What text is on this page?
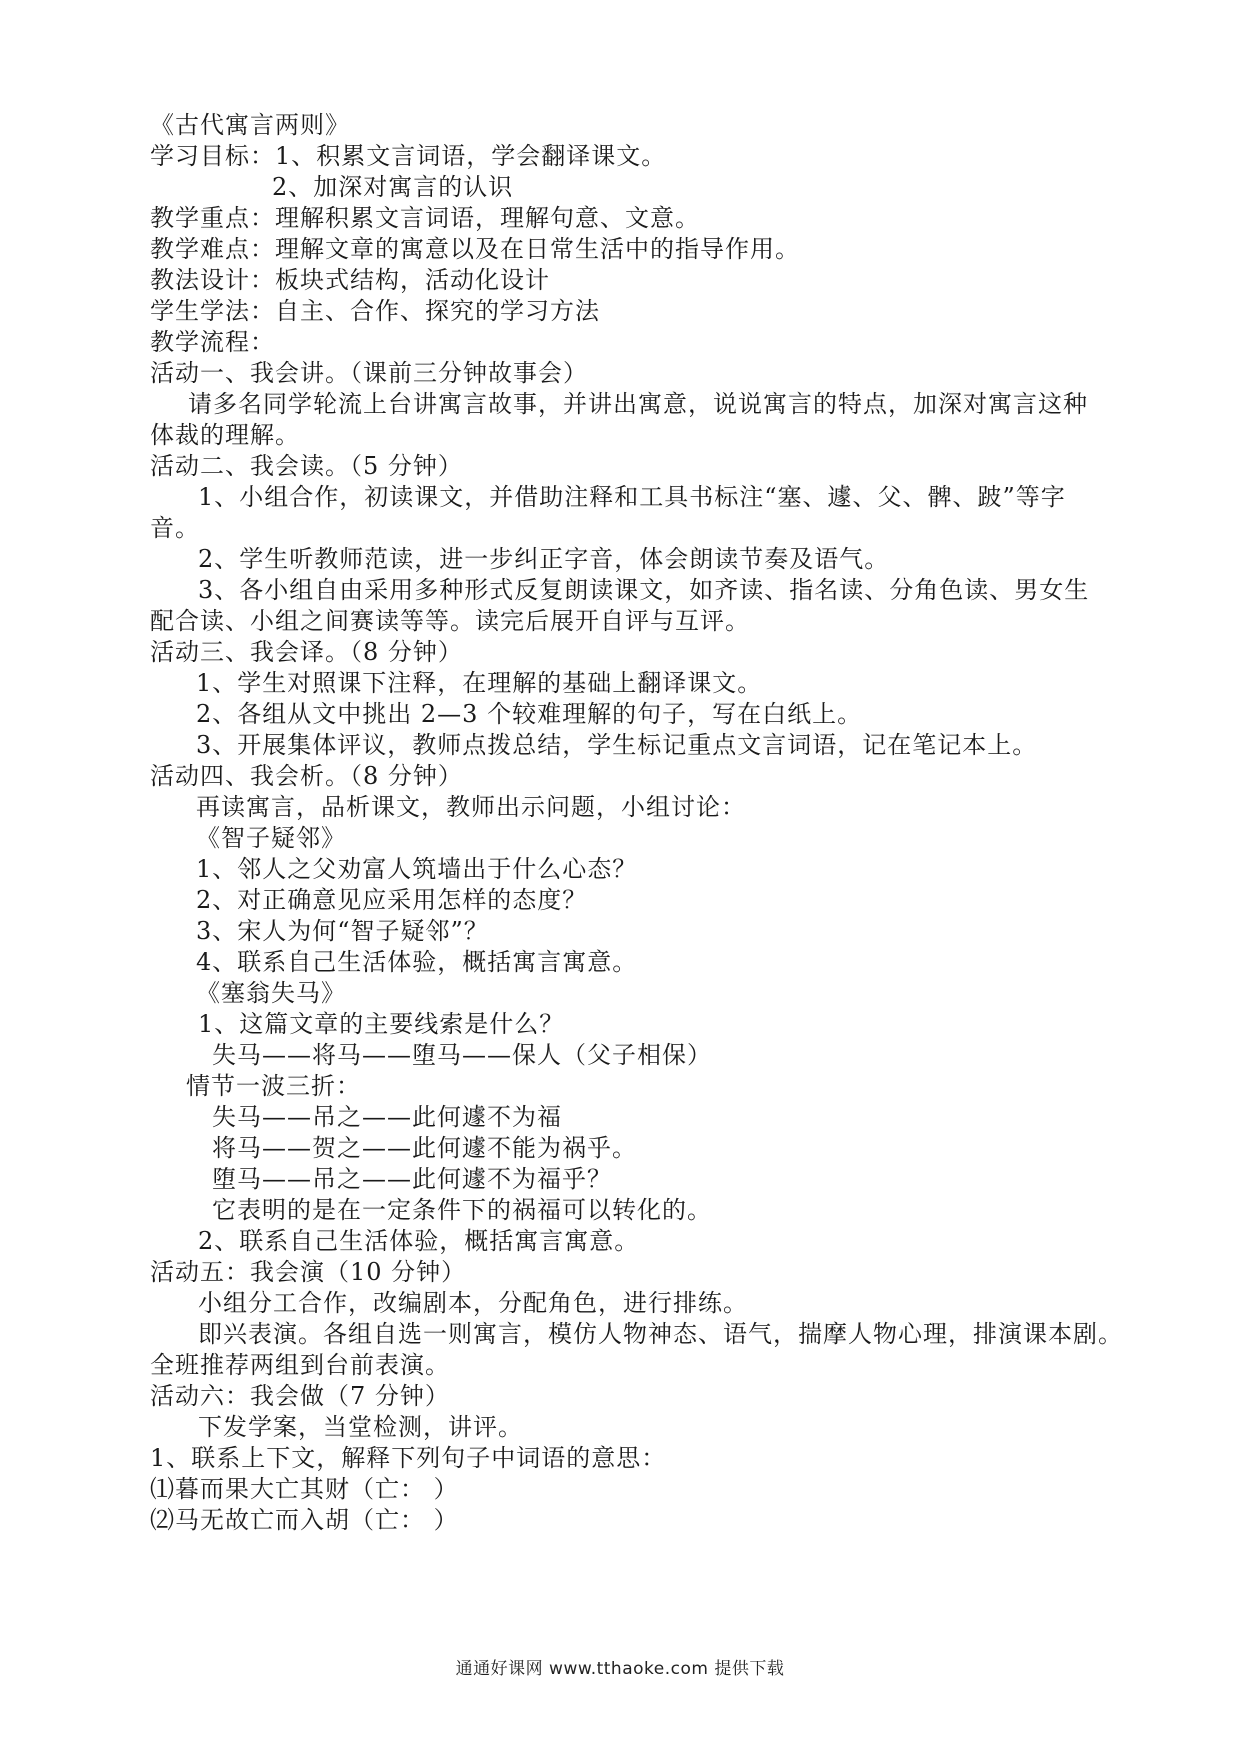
《古代寓言两则》
学习目标：1、积累文言词语，学会翻译课文。
2、加深对寓言的认识
教学重点：理解积累文言词语，理解句意、文意。
教学难点：理解文章的寓意以及在日常生活中的指导作用。
教法设计：板块式结构，活动化设计
学生学法：自主、合作、探究的学习方法
教学流程：
活动一、我会讲。（课前三分钟故事会）
请多名同学轮流上台讲寓言故事，并讲出寓意，说说寓言的特点，加深对寓言这种
体裁的理解。
活动二、我会读。（5 分钟）
1、小组合作，初读课文，并借助注释和工具书标注“塞、遽、父、髀、跛”等字
音。
2、学生听教师范读，进一步纠正字音，体会朗读节奏及语气。
3、各小组自由采用多种形式反复朗读课文，如齐读、指名读、分角色读、男女生
配合读、小组之间赛读等等。读完后展开自评与互评。
活动三、我会译。（8 分钟）
1、学生对照课下注释，在理解的基础上翻译课文。
2、各组从文中挑出 2—3 个较难理解的句子，写在白纸上。
3、开展集体评议，教师点拨总结，学生标记重点文言词语，记在笔记本上。
活动四、我会析。（8 分钟）
再读寓言，品析课文，教师出示问题，小组讨论：
《智子疑邻》
1、邻人之父劝富人筑墙出于什么心态？
2、对正确意见应采用怎样的态度？
3、宋人为何“智子疑邻”？
4、联系自己生活体验，概括寓言寓意。
《塞翁失马》
1、这篇文章的主要线索是什么？
失马——将马——堕马——保人（父子相保）
情节一波三折：
失马——吊之——此何遽不为福
将马——贺之——此何遽不能为祸乎。
堕马——吊之——此何遽不为福乎？
它表明的是在一定条件下的祸福可以转化的。
2、联系自己生活体验，概括寓言寓意。
活动五：我会演（10 分钟）
小组分工合作，改编剧本，分配角色，进行排练。
即兴表演。各组自选一则寓言，模仿人物神态、语气，揣摩人物心理，排演课本剧。
全班推荐两组到台前表演。
活动六：我会做（7 分钟）
下发学案，当堂检测，讲评。
1、联系上下文，解释下列句子中词语的意思：
⑴暮而果大亡其财（亡： ）
⑵马无故亡而入胡（亡： ）
通通好课网 www.tthaoke.com 提供下载
